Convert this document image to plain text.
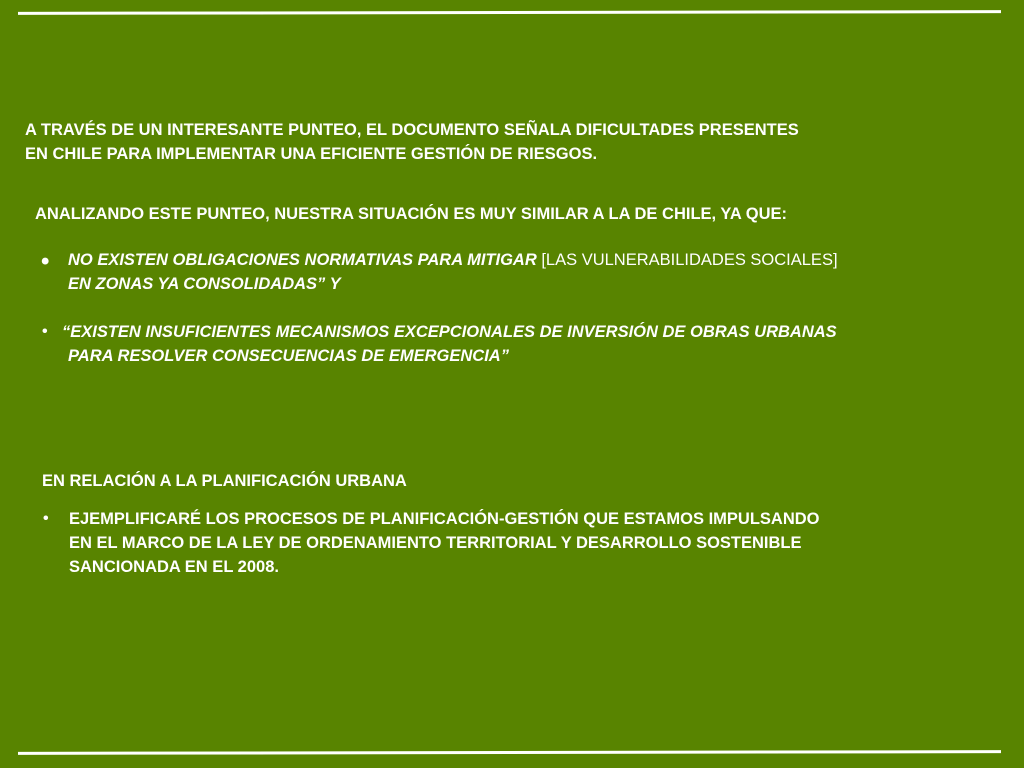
A TRAVÉS DE UN INTERESANTE PUNTEO, EL DOCUMENTO SEÑALA DIFICULTADES PRESENTES
EN CHILE PARA IMPLEMENTAR UNA EFICIENTE GESTIÓN DE RIESGOS.
ANALIZANDO ESTE PUNTEO, NUESTRA SITUACIÓN ES MUY SIMILAR A LA DE CHILE, YA QUE:
• NO EXISTEN OBLIGACIONES NORMATIVAS PARA MITIGAR [LAS VULNERABILIDADES SOCIALES]
EN ZONAS YA CONSOLIDADAS” Y
• “EXISTEN INSUFICIENTES MECANISMOS EXCEPCIONALES DE INVERSIÓN DE OBRAS URBANAS
PARA RESOLVER CONSECUENCIAS DE EMERGENCIA”
EN RELACIÓN A LA PLANIFICACIÓN URBANA
• EJEMPLIFICARÉ LOS PROCESOS DE PLANIFICACIÓN-GESTIÓN QUE ESTAMOS IMPULSANDO
EN EL MARCO DE LA LEY DE ORDENAMIENTO TERRITORIAL Y DESARROLLO SOSTENIBLE
SANCIONADA EN EL 2008.
